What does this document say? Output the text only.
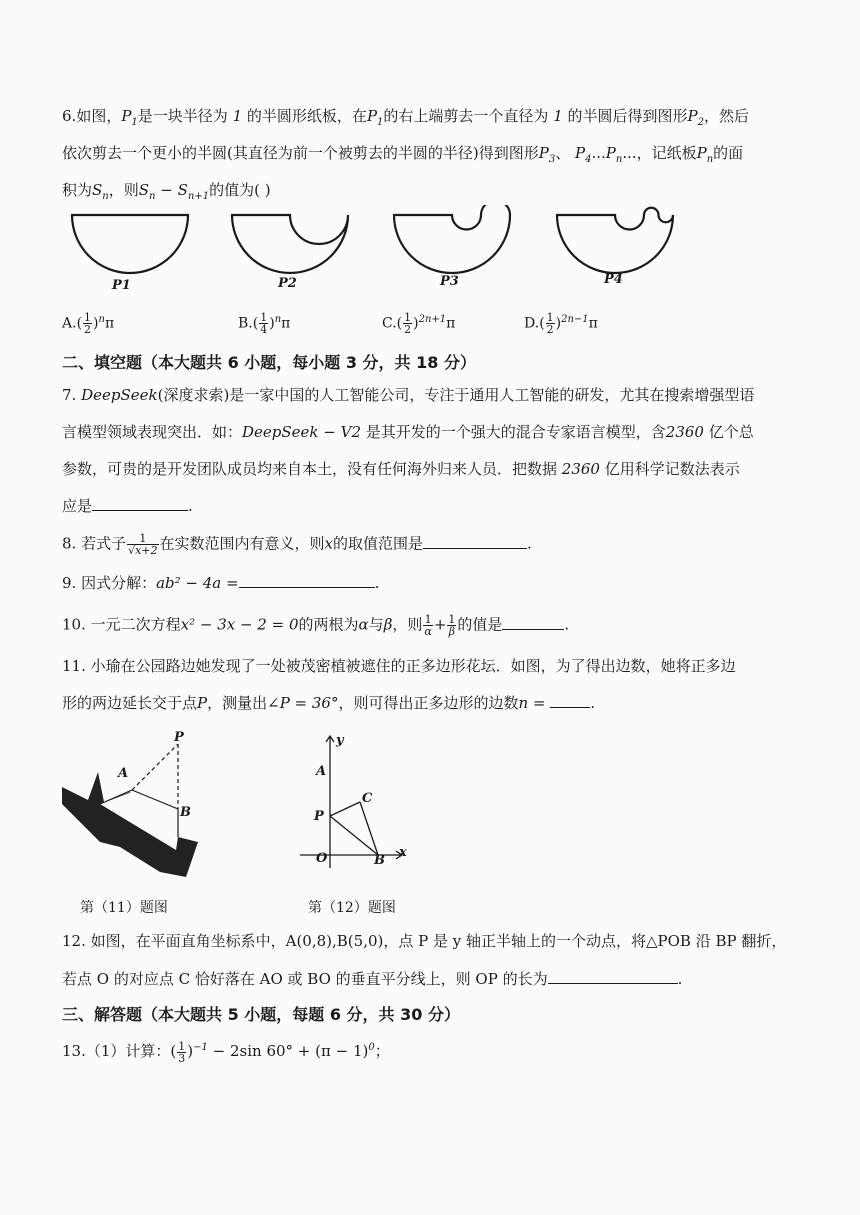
6.如图，$P_1$是一块半径为 1 的半圆形纸板，在$P_1$的右上端剪去一个直径为 1 的半圆后得到图形$P_2$，然后
依次剪去一个更小的半圆(其直径为前一个被剪去的半圆的半径)得到图形$P_3$、 $P_4...P_n$...，记纸板$P_n$的面
积为$S_n$，则$S_n - S_{n+1}$的值为( )
P1	P2	P3	P4
$A.( \frac{1}{2} )^n\pi$	$B.( \frac{1}{4} )^n\pi$	$C.( \frac{1}{2} )^{2n+1}\pi$	$D.( \frac{1}{2} )^{2n-1}\pi$
二、填空题（本大题共 6 小题，每小题 3 分，共 18 分）
7. DeepSeek(深度求索)是一家中国的人工智能公司，专注于通用人工智能的研发，尤其在搜索增强型语
言模型领域表现突出．如：DeepSeek − V2 是其开发的一个强大的混合专家语言模型，含2360 亿个总
参数，可贵的是开发团队成员均来自本土，没有任何海外归来人员．把数据 2360 亿用科学记数法表示
应是	.
8. 若式子 $\frac{1}{√x+2}$ 在实数范围内有意义，则x的取值范围是	.
9. 因式分解：ab² − 4a =	.
10. 一元二次方程x² − 3x − 2 = 0的两根为α与β，则 $\frac{1}{\alpha} + \frac{1}{\beta}$ 的值是	.
11. 小瑜在公园路边她发现了一处被茂密植被遮住的正多边形花坛．如图，为了得出边数，她将正多边
形的两边延长交于点P，测量出∠P = 36°，则可得出正多边形的边数n =	.
P
A
B
第（11）题图
y
A
C
P
O	B
x
第（12）题图
12. 如图，在平面直角坐标系中，A(0,8),B(5,0)，点 P 是 y 轴正半轴上的一个动点，将△POB 沿 BP 翻折，
若点 O 的对应点 C 恰好落在 AO 或 BO 的垂直平分线上，则 OP 的长为	.
三、解答题（本大题共 5 小题，每题 6 分，共 30 分）
13.（1）计算：( $\frac{1}{3} )^{-1} - 2\sin$ $60^\circ + (\pi - 1)^0$；
